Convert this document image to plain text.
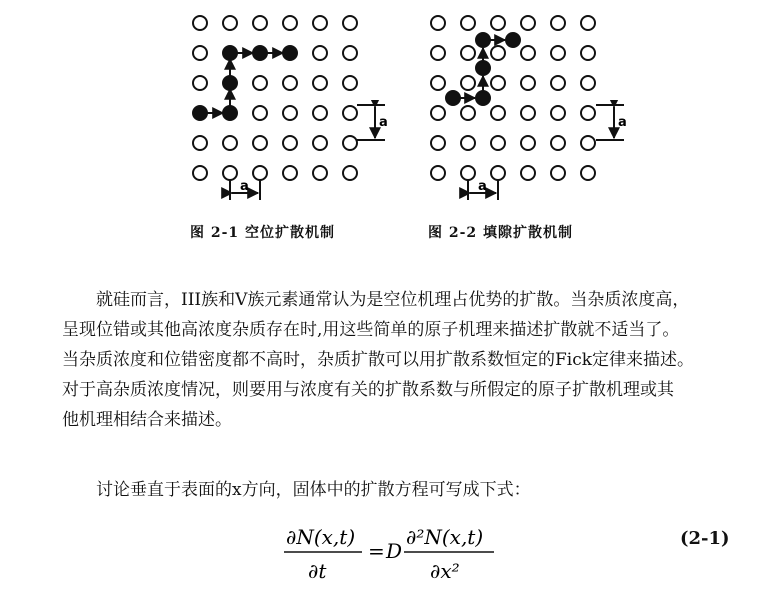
a	a
a	a
图 2-1 空位扩散机制	图 2-2 填隙扩散机制
就硅而言，III族和V族元素通常认为是空位机理占优势的扩散。当杂质浓度高，
呈现位错或其他高浓度杂质存在时,用这些简单的原子机理来描述扩散就不适当了。
当杂质浓度和位错密度都不高时，杂质扩散可以用扩散系数恒定的Fick定律来描述。
对于高杂质浓度情况，则要用与浓度有关的扩散系数与所假定的原子扩散机理或其
他机理相结合来描述。
讨论垂直于表面的x方向，固体中的扩散方程可写成下式：
∂N(x,t)
∂t
= D
∂²N(x,t)
∂x²
(2-1)
